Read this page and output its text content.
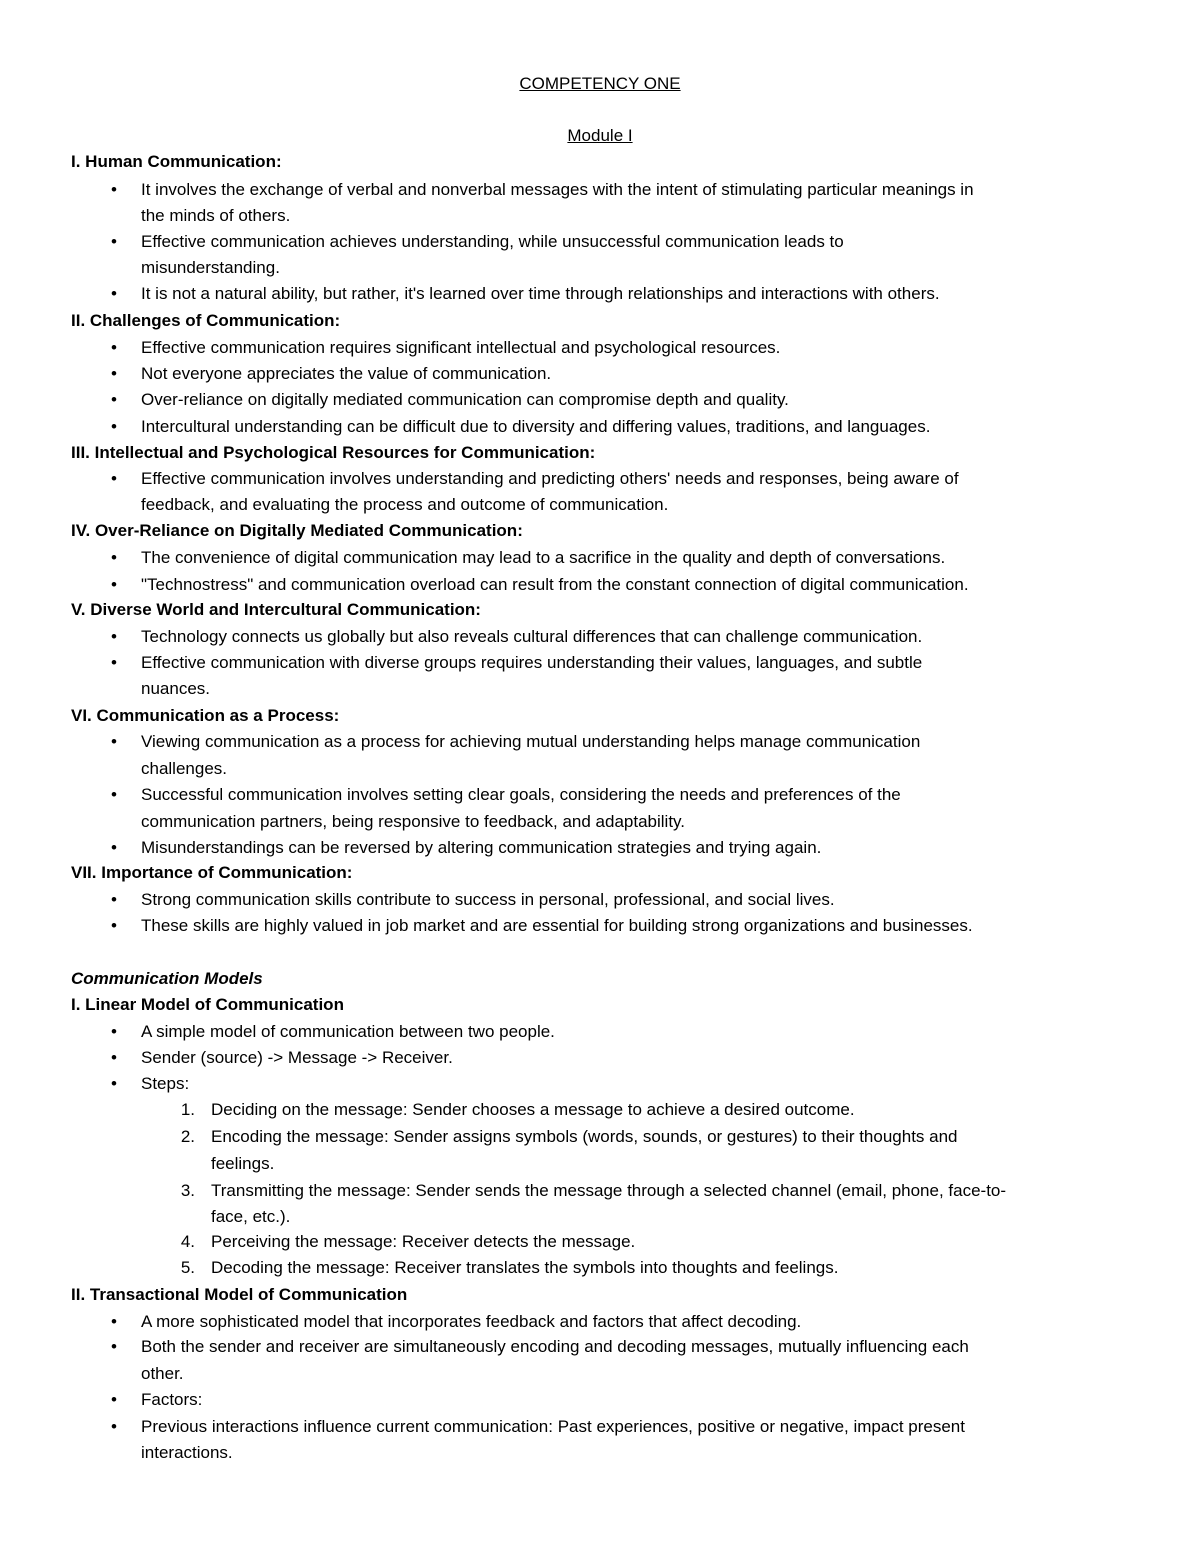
COMPETENCY ONE
Module I
I. Human Communication:
• It involves the exchange of verbal and nonverbal messages with the intent of stimulating particular meanings in
the minds of others.
• Effective communication achieves understanding, while unsuccessful communication leads to
misunderstanding.
• It is not a natural ability, but rather, it's learned over time through relationships and interactions with others.
II. Challenges of Communication:
• Effective communication requires significant intellectual and psychological resources.
• Not everyone appreciates the value of communication.
• Over-reliance on digitally mediated communication can compromise depth and quality.
• Intercultural understanding can be difficult due to diversity and differing values, traditions, and languages.
III. Intellectual and Psychological Resources for Communication:
• Effective communication involves understanding and predicting others' needs and responses, being aware of
feedback, and evaluating the process and outcome of communication.
IV. Over-Reliance on Digitally Mediated Communication:
• The convenience of digital communication may lead to a sacrifice in the quality and depth of conversations.
• "Technostress" and communication overload can result from the constant connection of digital communication.
V. Diverse World and Intercultural Communication:
• Technology connects us globally but also reveals cultural differences that can challenge communication.
• Effective communication with diverse groups requires understanding their values, languages, and subtle
nuances.
VI. Communication as a Process:
• Viewing communication as a process for achieving mutual understanding helps manage communication
challenges.
• Successful communication involves setting clear goals, considering the needs and preferences of the
communication partners, being responsive to feedback, and adaptability.
• Misunderstandings can be reversed by altering communication strategies and trying again.
VII. Importance of Communication:
• Strong communication skills contribute to success in personal, professional, and social lives.
• These skills are highly valued in job market and are essential for building strong organizations and businesses.
Communication Models
I. Linear Model of Communication
• A simple model of communication between two people.
• Sender (source) -> Message -> Receiver.
• Steps:
1. Deciding on the message: Sender chooses a message to achieve a desired outcome.
2. Encoding the message: Sender assigns symbols (words, sounds, or gestures) to their thoughts and
feelings.
3. Transmitting the message: Sender sends the message through a selected channel (email, phone, face-to-
face, etc.).
4. Perceiving the message: Receiver detects the message.
5. Decoding the message: Receiver translates the symbols into thoughts and feelings.
II. Transactional Model of Communication
• A more sophisticated model that incorporates feedback and factors that affect decoding.
• Both the sender and receiver are simultaneously encoding and decoding messages, mutually influencing each
other.
• Factors:
• Previous interactions influence current communication: Past experiences, positive or negative, impact present
interactions.
